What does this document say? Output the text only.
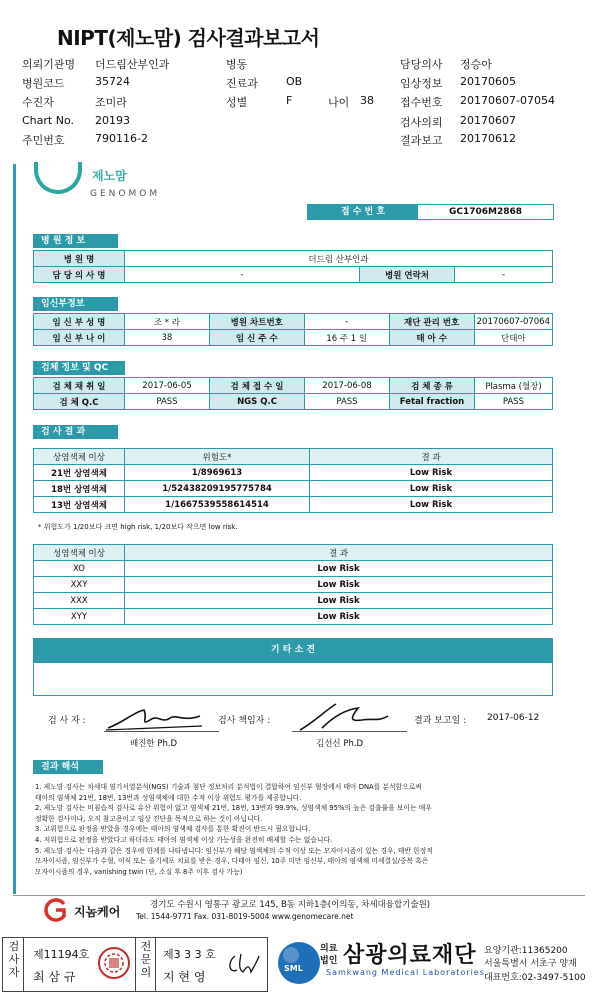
NIPT(제노맘) 검사결과보고서
의뢰기관명 더드림산부인과	병동	담당의사 정승아
병원코드	35724	진료과	OB	임상정보 20170605
수진자	조미라	성별	F	나이 38 접수번호 20170607-07054
Chart No. 20193	검사의뢰 20170607
주민번호	790116-2	결과보고 20170612
제노맘
GENOMOM
접 수 번 호	GC1706M2868
병 원 정 보
병 원 명	더드림 산부인과		
담 당 의 사 명	-	병원 연락처	-
임신부정보
임 신 부 성 명	조 * 라	병원 차트번호	-	재단 관리 번호	20170607-07064
임 신 부 나 이	38	임 신 주 수	16 주 1 일	태 아 수	단태아
검체 정보 및 QC
검 체 채 취 일	2017-06-05	검 체 접 수 일	2017-06-08	검 체 종 류	Plasma (혈장)
검 체 Q.C	PASS	NGS Q.C	PASS	Fetal fraction	PASS
검 사 결 과
상염색체 이상	위험도*	결 과
21번 상염색체	1/8969613	Low Risk
18번 상염색체	1/52438209195775784	Low Risk
13번 상염색체	1/1667539558614514	Low Risk
* 위험도가 1/20보다 크면 high risk, 1/20보다 작으면 low risk.
성염색체 이상	결 과
XO	Low Risk
XXY	Low Risk
XXX	Low Risk
XYY	Low Risk
기 타 소 견
검 사 자 :
배진한 Ph.D
검사 책임자 :
김선신 Ph.D
결과 보고일 : 2017-06-12
결과 해석
1. 제노맘 검사는 차세대 염기서열분석(NGS) 기술과 첨단 정보처리 분석법이 결합하여 임신부 혈장에서 태아 DNA를 분석함으로써
태아의 염색체 21번, 18번, 13번과 성염색체에 대한 수적 이상 위험도 평가를 제공합니다.
2. 제노맘 검사는 비침습적 검사로 유산 위험이 없고 염색체 21번, 18번, 13번과 99.9%, 성염색체 95%의 높은 검출률을 보이는 매우
정확한 검사이나, 오직 참고용이고 임상 진단을 목적으로 하는 것이 아닙니다.
3. 고위험으로 판정을 받았을 경우에는 태아의 염색체 검사를 통한 확진이 반드시 필요합니다.
4. 저위험으로 판정을 받았다고 하더라도 태아의 염색체 이상 가능성을 완전히 배제할 수는 없습니다.
5. 제노맘 검사는 다음과 같은 경우에 한계를 나타냅니다: 임신부가 해당 염색체의 수적 이상 또는 모자이시즘이 있는 경우, 태반 한정적
모자이시즘, 임신부가 수혈, 이식 또는 줄기세포 치료를 받은 경우, 다태아 임신, 10주 미만 임신부, 태아의 염색체 미세결실/중복 혹은
모자이시즘의 경우, vanishing twin (단, 소실 후 8주 이후 검사 가능)
지놈케어	경기도 수원시 영통구 광교로 145, B동 지하1층(이의동, 차세대융합기술원)
Tel. 1544-9771 Fax. 031-8019-5004 www.genomecare.net
검사자
제11194호
최 삼 규
전문의
제3 3 3 호
지 현 영
SML
의료
법인 삼광의료재단
Samkwang Medical Laboratories
요양기관:11365200
서울특별시 서초구 양재
대표번호:02-3497-5100
